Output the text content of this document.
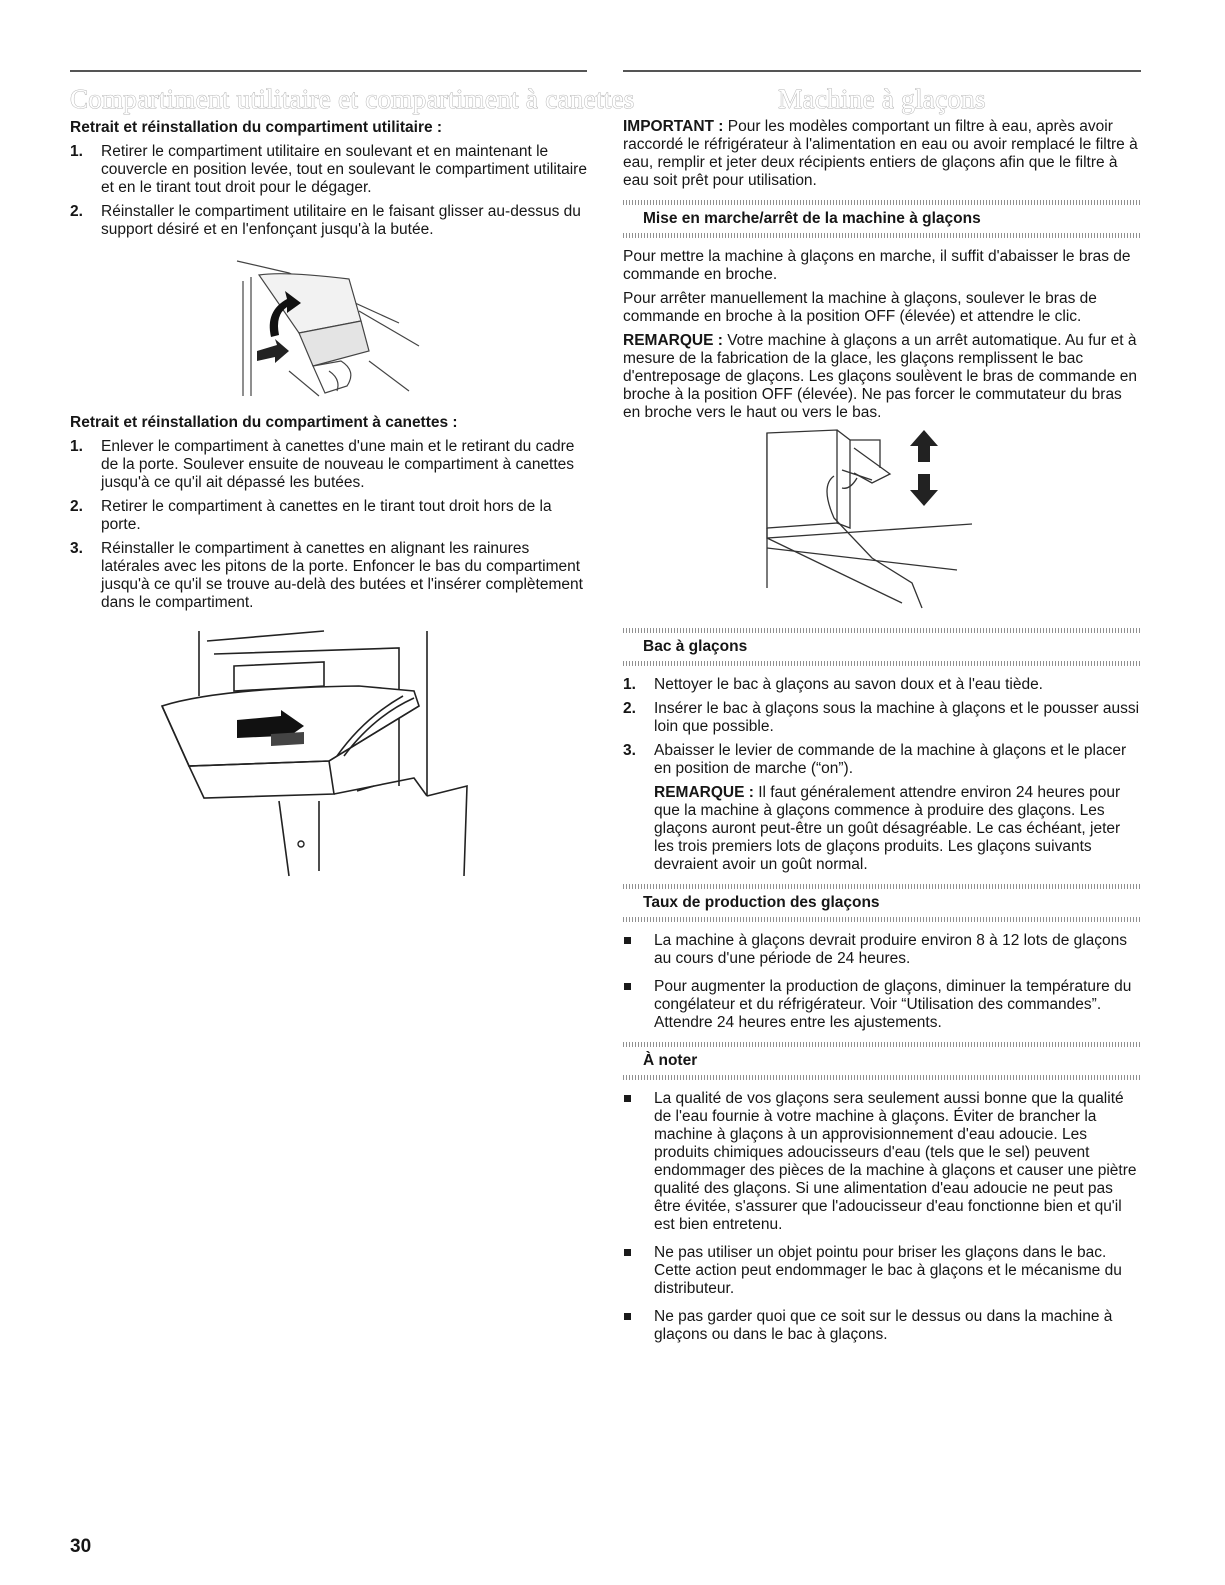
Compartiment utilitaire et compartiment à canettes
Retrait et réinstallation du compartiment utilitaire :
1. Retirer le compartiment utilitaire en soulevant et en maintenant le couvercle en position levée, tout en soulevant le compartiment utilitaire et en le tirant tout droit pour le dégager.
2. Réinstaller le compartiment utilitaire en le faisant glisser au-dessus du support désiré et en l'enfonçant jusqu'à la butée.
Retrait et réinstallation du compartiment à canettes :
1. Enlever le compartiment à canettes d'une main et le retirant du cadre de la porte. Soulever ensuite de nouveau le compartiment à canettes jusqu'à ce qu'il ait dépassé les butées.
2. Retirer le compartiment à canettes en le tirant tout droit hors de la porte.
3. Réinstaller le compartiment à canettes en alignant les rainures latérales avec les pitons de la porte. Enfoncer le bas du compartiment jusqu'à ce qu'il se trouve au-delà des butées et l'insérer complètement dans le compartiment.
Machine à glaçons

IMPORTANT : Pour les modèles comportant un filtre à eau, après avoir raccordé le réfrigérateur à l'alimentation en eau ou avoir remplacé le filtre à eau, remplir et jeter deux récipients entiers de glaçons afin que le filtre à eau soit prêt pour utilisation.

Mise en marche/arrêt de la machine à glaçons

Pour mettre la machine à glaçons en marche, il suffit d'abaisser le bras de commande en broche.

Pour arrêter manuellement la machine à glaçons, soulever le bras de commande en broche à la position OFF (élevée) et attendre le clic.

REMARQUE : Votre machine à glaçons a un arrêt automatique. Au fur et à mesure de la fabrication de la glace, les glaçons remplissent le bac d'entreposage de glaçons. Les glaçons soulèvent le bras de commande en broche à la position OFF (élevée). Ne pas forcer le commutateur du bras en broche vers le haut ou vers le bas.

Bac à glaçons
1. Nettoyer le bac à glaçons au savon doux et à l'eau tiède.
2. Insérer le bac à glaçons sous la machine à glaçons et le pousser aussi loin que possible.
3. Abaisser le levier de commande de la machine à glaçons et le placer en position de marche (“on”).
REMARQUE : Il faut généralement attendre environ 24 heures pour que la machine à glaçons commence à produire des glaçons. Les glaçons auront peut-être un goût désagréable. Le cas échéant, jeter les trois premiers lots de glaçons produits. Les glaçons suivants devraient avoir un goût normal.
Taux de production des glaçons
La machine à glaçons devrait produire environ 8 à 12 lots de glaçons au cours d'une période de 24 heures.
Pour augmenter la production de glaçons, diminuer la température du congélateur et du réfrigérateur. Voir “Utilisation des commandes”. Attendre 24 heures entre les ajustements.
À noter
La qualité de vos glaçons sera seulement aussi bonne que la qualité de l'eau fournie à votre machine à glaçons. Éviter de brancher la machine à glaçons à un approvisionnement d'eau adoucie. Les produits chimiques adoucisseurs d'eau (tels que le sel) peuvent endommager des pièces de la machine à glaçons et causer une piètre qualité des glaçons. Si une alimentation d'eau adoucie ne peut pas être évitée, s'assurer que l'adoucisseur d'eau fonctionne bien et qu'il est bien entretenu.
Ne pas utiliser un objet pointu pour briser les glaçons dans le bac. Cette action peut endommager le bac à glaçons et le mécanisme du distributeur.
Ne pas garder quoi que ce soit sur le dessus ou dans la machine à glaçons ou dans le bac à glaçons.
30
